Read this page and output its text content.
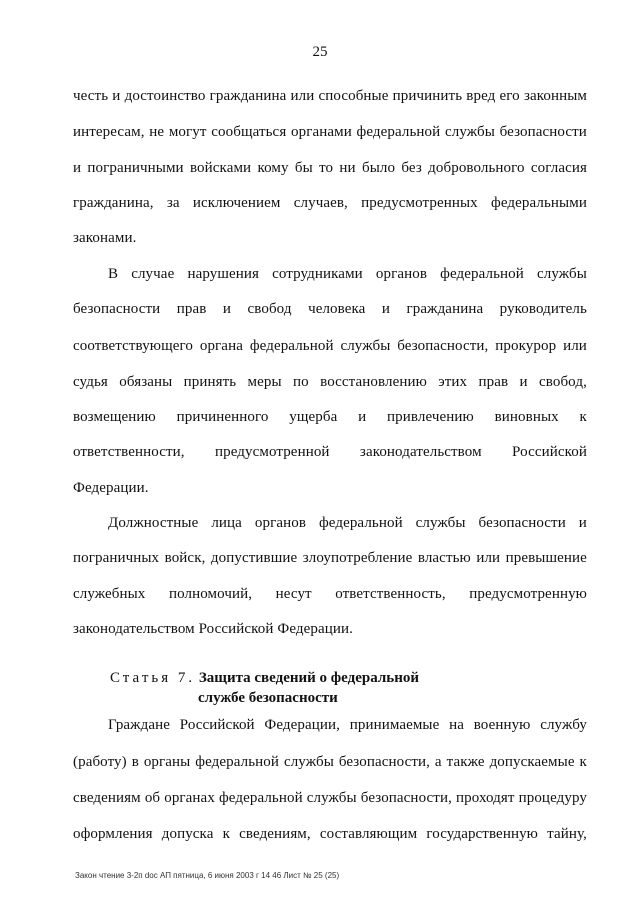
25
честь и достоинство гражданина или способные причинить вред его законным
интересам, не могут сообщаться органами федеральной службы безопасности
и пограничными войсками кому бы то ни было без добровольного согласия
гражданина, за исключением случаев, предусмотренных федеральными
законами.
В случае нарушения сотрудниками органов федеральной службы
безопасности прав и свобод человека и гражданина руководитель
соответствующего органа федеральной службы безопасности, прокурор или
судья обязаны принять меры по восстановлению этих прав и свобод,
возмещению причиненного ущерба и привлечению виновных к
ответственности, предусмотренной законодательством Российской
Федерации.
Должностные лица органов федеральной службы безопасности и
пограничных войск, допустившие злоупотребление властью или превышение
служебных полномочий, несут ответственность, предусмотренную
законодательством Российской Федерации.
Статья 7. Защита сведений о федеральной
службе безопасности
Граждане Российской Федерации, принимаемые на военную службу
(работу) в органы федеральной службы безопасности, а также допускаемые к
сведениям об органах федеральной службы безопасности, проходят процедуру
оформления допуска к сведениям, составляющим государственную тайну,
Закон чтение 3-2п doc АП пятница, 6 июня 2003 г 14 46 Лист № 25 (25)
